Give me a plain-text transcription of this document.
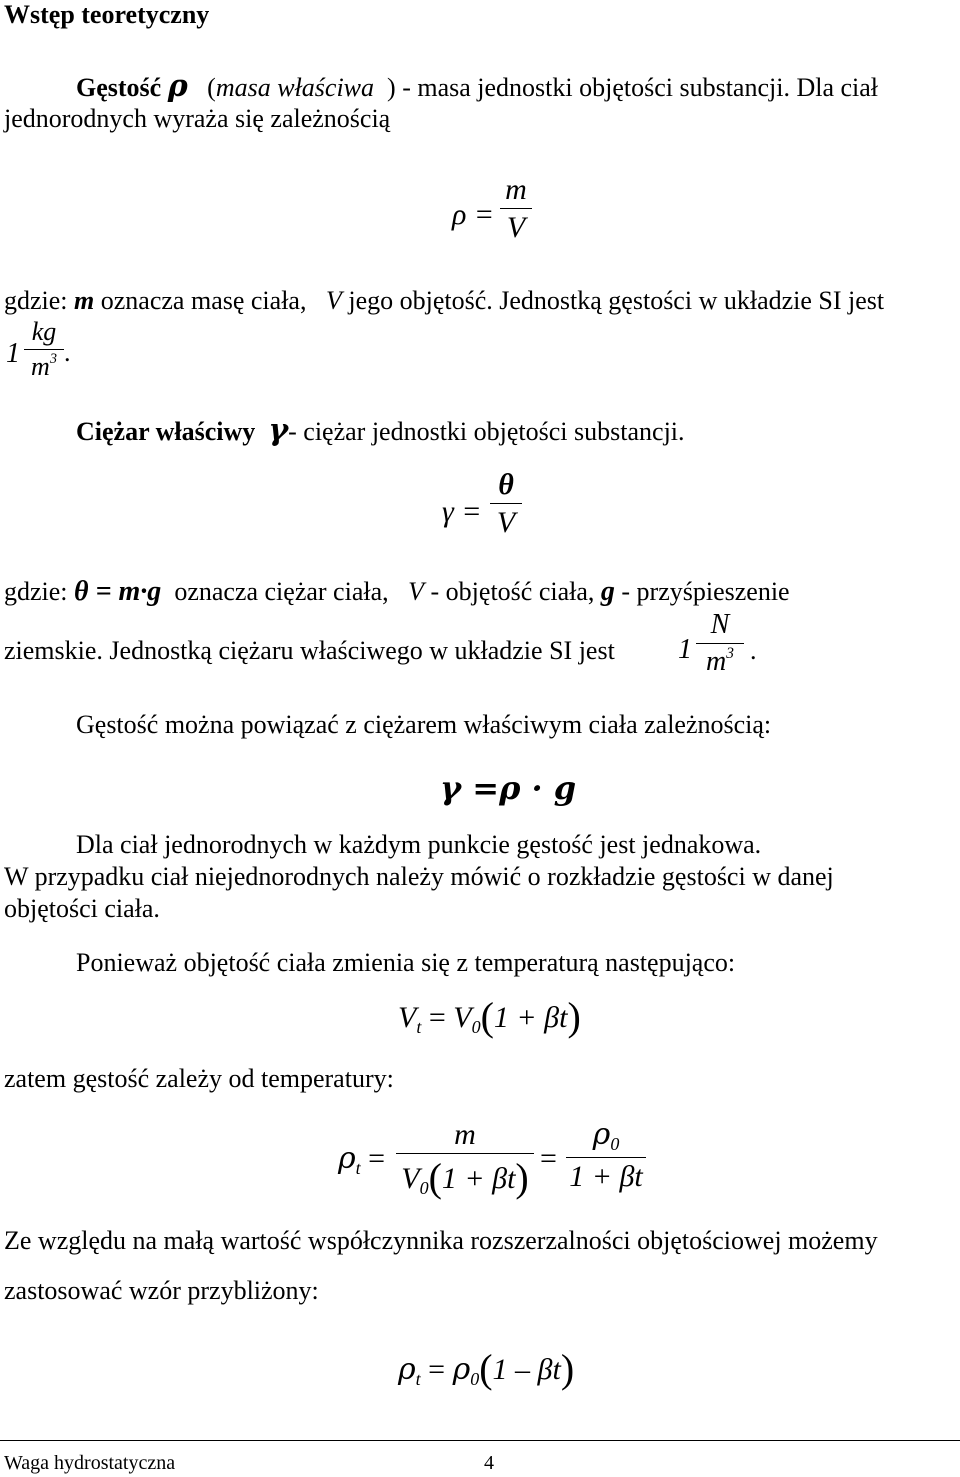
Wstęp teoretyczny
Gęstość ρ (masa właściwa ) - masa jednostki objętości substancji. Dla ciał
jednorodnych wyraża się zależnością
ρ =
m
V
gdzie: m oznacza masę ciała, V jego objętość. Jednostką gęstości w układzie SI jest
1
kg
$m^3$ .
Ciężar właściwy γ- ciężar jednostki objętości substancji.
γ =
θ
V
gdzie: θ = m·g oznacza ciężar ciała, V - objętość ciała, g - przyśpieszenie
ziemskie. Jednostką ciężaru właściwego w układzie SI jest 1
N
$m^3$ .
Gęstość można powiązać z ciężarem właściwym ciała zależnością:
γ =ρ · g
Dla ciał jednorodnych w każdym punkcie gęstość jest jednakowa.
W przypadku ciał niejednorodnych należy mówić o rozkładzie gęstości w danej
objętości ciała.
Ponieważ objętość ciała zmienia się z temperaturą następująco:
$V_t = V_0(1 + \beta t)$
zatem gęstość zależy od temperatury:
$\rho_t$ =
m
$V_0(1 + \beta t)$ =
$\rho_0$
1 + βt
Ze względu na małą wartość współczynnika rozszerzalności objętościowej możemy
zastosować wzór przybliżony:
$\rho_t = \rho_0(1 - \beta t)$
Waga hydrostatyczna	4
